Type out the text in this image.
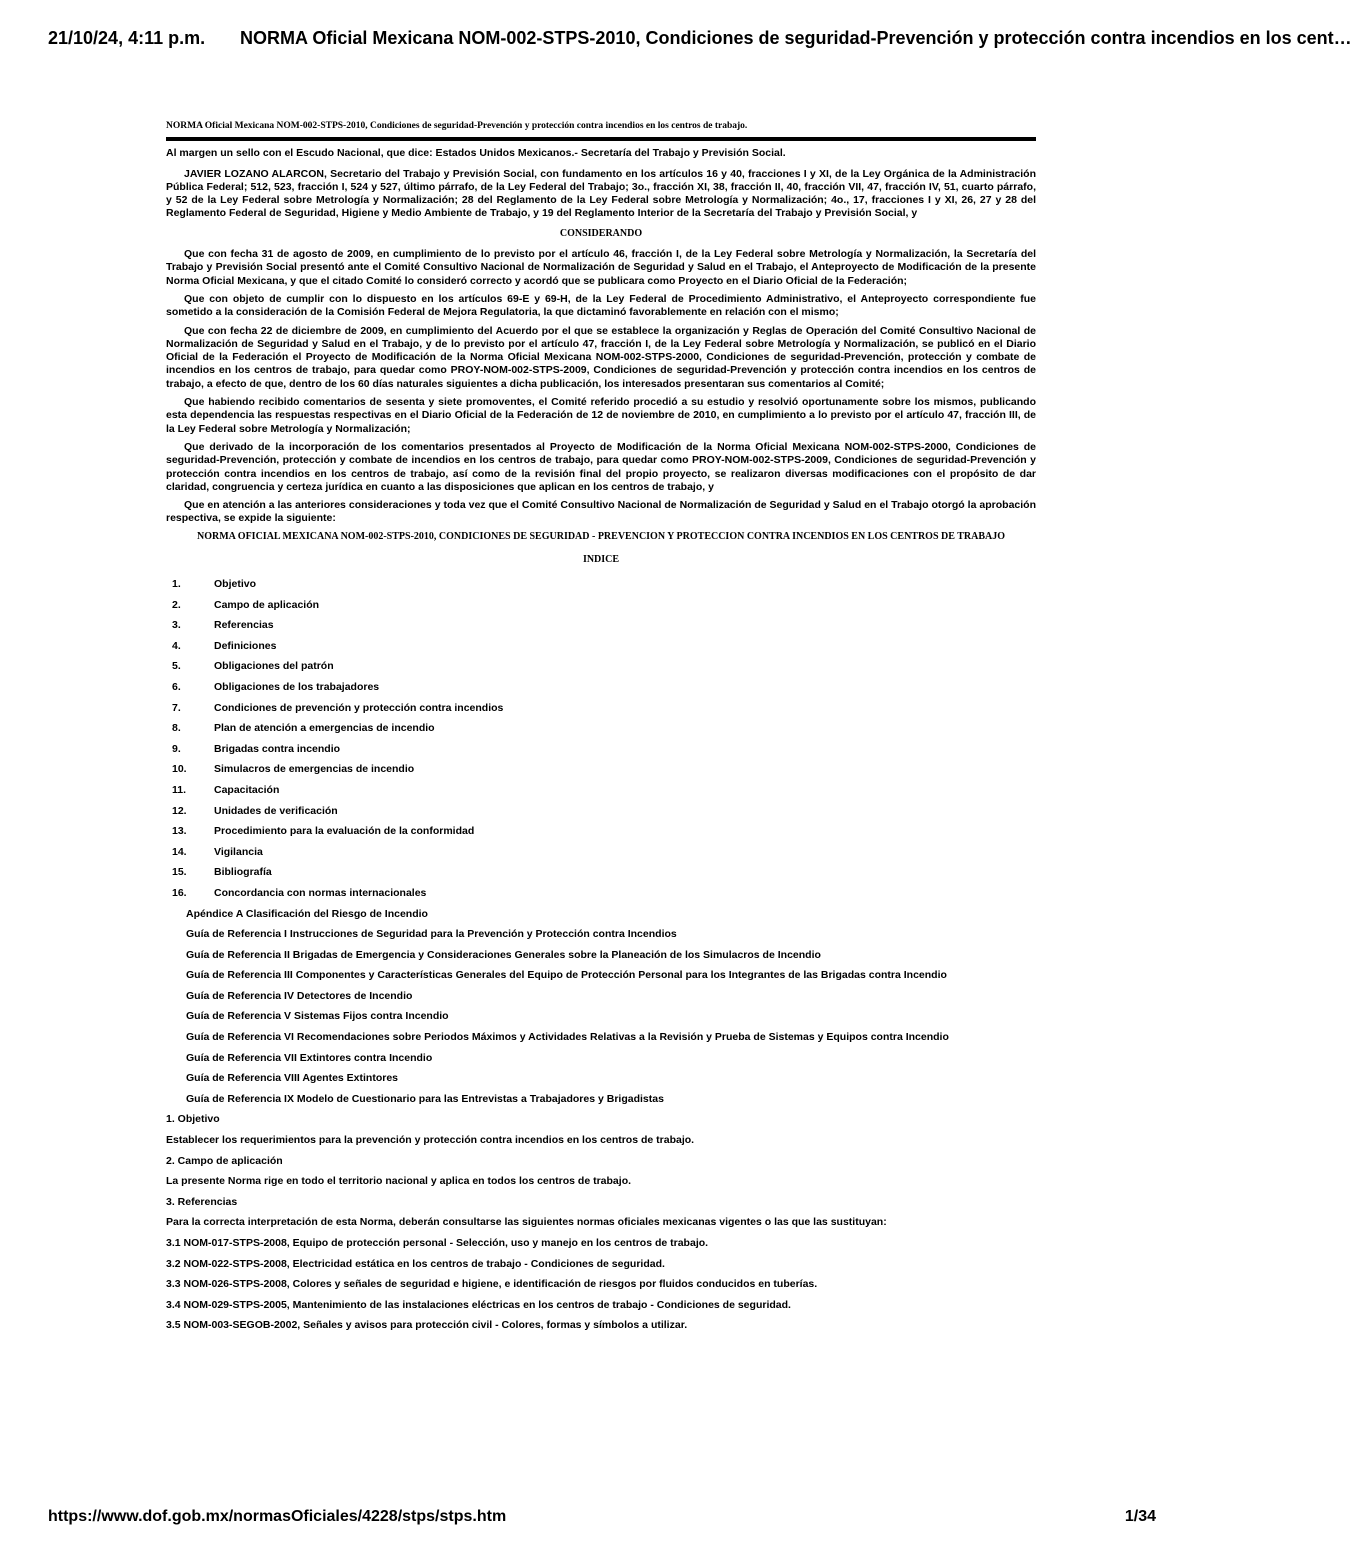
21/10/24, 4:11 p.m. NORMA Oficial Mexicana NOM-002-STPS-2010, Condiciones de seguridad-Prevención y protección contra incendios en los cent…
NORMA Oficial Mexicana NOM-002-STPS-2010, Condiciones de seguridad-Prevención y protección contra incendios en los centros de trabajo.

Al margen un sello con el Escudo Nacional, que dice: Estados Unidos Mexicanos.- Secretaría del Trabajo y Previsión Social.

JAVIER LOZANO ALARCON, Secretario del Trabajo y Previsión Social, con fundamento en los artículos 16 y 40, fracciones I y XI, de la Ley Orgánica de la Administración Pública Federal; 512, 523, fracción I, 524 y 527, último párrafo, de la Ley Federal del Trabajo; 3o., fracción XI, 38, fracción II, 40, fracción VII, 47, fracción IV, 51, cuarto párrafo, y 52 de la Ley Federal sobre Metrología y Normalización; 28 del Reglamento de la Ley Federal sobre Metrología y Normalización; 4o., 17, fracciones I y XI, 26, 27 y 28 del Reglamento Federal de Seguridad, Higiene y Medio Ambiente de Trabajo, y 19 del Reglamento Interior de la Secretaría del Trabajo y Previsión Social, y

CONSIDERANDO

Que con fecha 31 de agosto de 2009, en cumplimiento de lo previsto por el artículo 46, fracción I, de la Ley Federal sobre Metrología y Normalización, la Secretaría del Trabajo y Previsión Social presentó ante el Comité Consultivo Nacional de Normalización de Seguridad y Salud en el Trabajo, el Anteproyecto de Modificación de la presente Norma Oficial Mexicana, y que el citado Comité lo consideró correcto y acordó que se publicara como Proyecto en el Diario Oficial de la Federación;

Que con objeto de cumplir con lo dispuesto en los artículos 69-E y 69-H, de la Ley Federal de Procedimiento Administrativo, el Anteproyecto correspondiente fue sometido a la consideración de la Comisión Federal de Mejora Regulatoria, la que dictaminó favorablemente en relación con el mismo;

Que con fecha 22 de diciembre de 2009, en cumplimiento del Acuerdo por el que se establece la organización y Reglas de Operación del Comité Consultivo Nacional de Normalización de Seguridad y Salud en el Trabajo, y de lo previsto por el artículo 47, fracción I, de la Ley Federal sobre Metrología y Normalización, se publicó en el Diario Oficial de la Federación el Proyecto de Modificación de la Norma Oficial Mexicana NOM-002-STPS-2000, Condiciones de seguridad-Prevención, protección y combate de incendios en los centros de trabajo, para quedar como PROY-NOM-002-STPS-2009, Condiciones de seguridad-Prevención y protección contra incendios en los centros de trabajo, a efecto de que, dentro de los 60 días naturales siguientes a dicha publicación, los interesados presentaran sus comentarios al Comité;

Que habiendo recibido comentarios de sesenta y siete promoventes, el Comité referido procedió a su estudio y resolvió oportunamente sobre los mismos, publicando esta dependencia las respuestas respectivas en el Diario Oficial de la Federación de 12 de noviembre de 2010, en cumplimiento a lo previsto por el artículo 47, fracción III, de la Ley Federal sobre Metrología y Normalización;

Que derivado de la incorporación de los comentarios presentados al Proyecto de Modificación de la Norma Oficial Mexicana NOM-002-STPS-2000, Condiciones de seguridad-Prevención, protección y combate de incendios en los centros de trabajo, para quedar como PROY-NOM-002-STPS-2009, Condiciones de seguridad-Prevención y protección contra incendios en los centros de trabajo, así como de la revisión final del propio proyecto, se realizaron diversas modificaciones con el propósito de dar claridad, congruencia y certeza jurídica en cuanto a las disposiciones que aplican en los centros de trabajo, y

Que en atención a las anteriores consideraciones y toda vez que el Comité Consultivo Nacional de Normalización de Seguridad y Salud en el Trabajo otorgó la aprobación respectiva, se expide la siguiente:

NORMA OFICIAL MEXICANA NOM-002-STPS-2010, CONDICIONES DE SEGURIDAD - PREVENCION Y PROTECCION CONTRA INCENDIOS EN LOS CENTROS DE TRABAJO
INDICE
1.	Objetivo
2.	Campo de aplicación
3.	Referencias
4.	Definiciones
5.	Obligaciones del patrón
6.	Obligaciones de los trabajadores
7.	Condiciones de prevención y protección contra incendios
8.	Plan de atención a emergencias de incendio
9.	Brigadas contra incendio
10.	Simulacros de emergencias de incendio
11.	Capacitación
12.	Unidades de verificación
13.	Procedimiento para la evaluación de la conformidad
14.	Vigilancia
15.	Bibliografía
16.	Concordancia con normas internacionales
Apéndice A Clasificación del Riesgo de Incendio
Guía de Referencia I Instrucciones de Seguridad para la Prevención y Protección contra Incendios
Guía de Referencia II Brigadas de Emergencia y Consideraciones Generales sobre la Planeación de los Simulacros de Incendio
Guía de Referencia III Componentes y Características Generales del Equipo de Protección Personal para los Integrantes de las Brigadas contra Incendio
Guía de Referencia IV Detectores de Incendio
Guía de Referencia V Sistemas Fijos contra Incendio
Guía de Referencia VI Recomendaciones sobre Periodos Máximos y Actividades Relativas a la Revisión y Prueba de Sistemas y Equipos contra Incendio
Guía de Referencia VII Extintores contra Incendio
Guía de Referencia VIII Agentes Extintores
Guía de Referencia IX Modelo de Cuestionario para las Entrevistas a Trabajadores y Brigadistas
1. Objetivo
Establecer los requerimientos para la prevención y protección contra incendios en los centros de trabajo.
2. Campo de aplicación
La presente Norma rige en todo el territorio nacional y aplica en todos los centros de trabajo.
3. Referencias
Para la correcta interpretación de esta Norma, deberán consultarse las siguientes normas oficiales mexicanas vigentes o las que las sustituyan:
3.1 NOM-017-STPS-2008, Equipo de protección personal - Selección, uso y manejo en los centros de trabajo.
3.2 NOM-022-STPS-2008, Electricidad estática en los centros de trabajo - Condiciones de seguridad.
3.3 NOM-026-STPS-2008, Colores y señales de seguridad e higiene, e identificación de riesgos por fluidos conducidos en tuberías.
3.4 NOM-029-STPS-2005, Mantenimiento de las instalaciones eléctricas en los centros de trabajo - Condiciones de seguridad.
3.5 NOM-003-SEGOB-2002, Señales y avisos para protección civil - Colores, formas y símbolos a utilizar.
https://www.dof.gob.mx/normasOficiales/4228/stps/stps.htm	1/34
